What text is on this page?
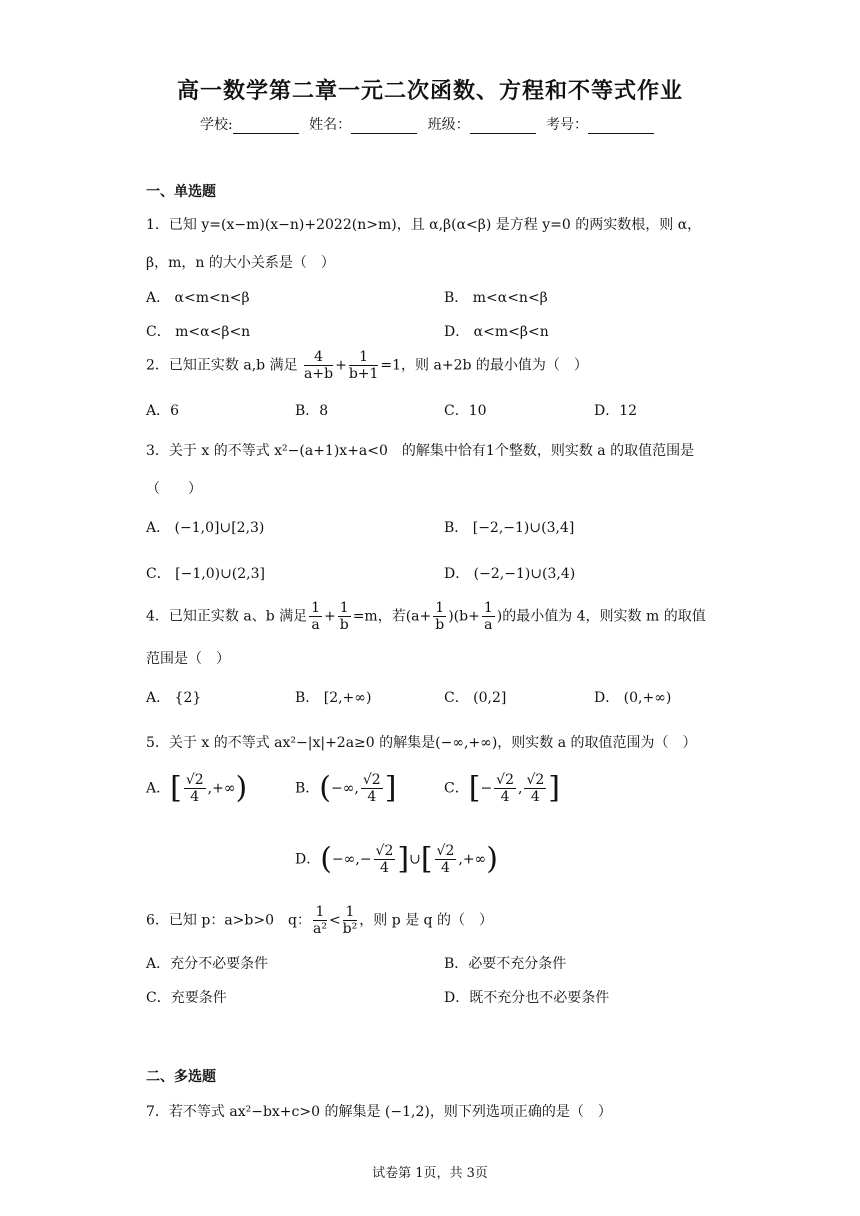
高一数学第二章一元二次函数、方程和不等式作业
学校:	姓名：	班级：	考号：
一、单选题
1．已知 y=(x−m)(x−n)+2022(n>m)，且 α,β(α<β) 是方程 y=0 的两实数根，则 α，
β，m，n 的大小关系是（　）
A． α<m<n<β	B． m<α<n<β
C． m<α<β<n	D． α<m<β<n
2．已知正实数 a,b 满足 $\frac{4}{a+b} + \frac{1}{b+1} =1$，则 a+2b 的最小值为（　）
A．6	B．8	C．10	D．12
3．关于 x 的不等式 x²−(a+1)x+a<0　的解集中恰有1个整数，则实数 a 的取值范围是
（　　）
A． (−1,0]∪[2,3)	B． [−2,−1)∪(3,4]
C． [−1,0)∪(2,3]	D． (−2,−1)∪(3,4)
4．已知正实数 a、b 满足 $\frac{1}{a} + \frac{1}{b} =m$，若$(a+ \frac{1}{b} )(b+ \frac{1}{a}$ )的最小值为 4，则实数 m 的取值
范围是（　）
A． {2}	B． [2,+∞)	C． (0,2]	D． (0,+∞)
5．关于 x 的不等式 ax²−|x|+2a≥0 的解集是(−∞,+∞)，则实数 a 的取值范围为（　）
A．[ $\frac{√2}{4}$ ,+∞)	B．(−∞, $\frac{√2}{4}$ ]	C．[− $\frac{√2}{4}$ , $\frac{√2}{4}$ ]
D．(−∞,− $\frac{√2}{4}$ ]∪[ $\frac{√2}{4}$ ,+∞)
6．已知 p：a>b>0　q： $\frac{1}{\text{a²}} < \frac{1}{\text{b²}}$ ，则 p 是 q 的（　）
A．充分不必要条件	B．必要不充分条件
C．充要条件	D．既不充分也不必要条件
二、多选题
7．若不等式 ax²−bx+c>0 的解集是 (−1,2)，则下列选项正确的是（　）
试卷第 1页，共 3页
